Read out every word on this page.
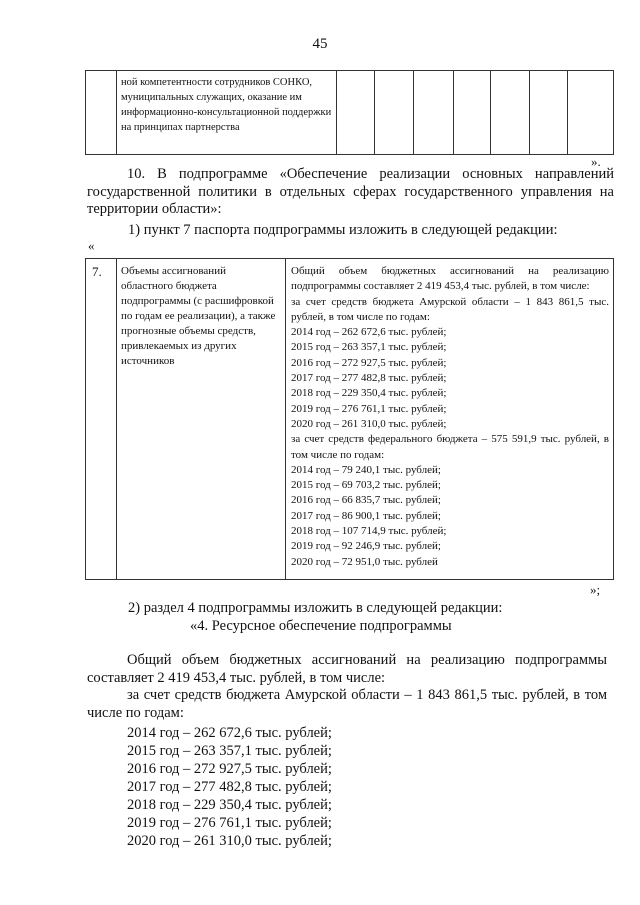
45
ной компетентности сотрудников СОНКО, муниципальных служащих, оказание им информационно-консультационной поддержки на принципах партнерства
».
10. В подпрограмме «Обеспечение реализации основных направлений государственной политики в отдельных сферах государственного управления на территории области»:
1) пункт 7 паспорта подпрограммы изложить в следующей редакции:
«
7. Объемы ассигнований областного бюджета подпрограммы (с расшифровкой по годам ее реализации), а также прогнозные объемы средств, привлекаемых из других источников
Общий объем бюджетных ассигнований на реализацию подпрограммы составляет 2 419 453,4 тыс. рублей, в том числе:
за счет средств бюджета Амурской области – 1 843 861,5 тыс. рублей, в том числе по годам:
2014 год – 262 672,6 тыс. рублей;
2015 год – 263 357,1 тыс. рублей;
2016 год – 272 927,5 тыс. рублей;
2017 год – 277 482,8 тыс. рублей;
2018 год – 229 350,4 тыс. рублей;
2019 год – 276 761,1 тыс. рублей;
2020 год – 261 310,0 тыс. рублей;
за счет средств федерального бюджета – 575 591,9 тыс. рублей, в том числе по годам:
2014 год – 79 240,1 тыс. рублей;
2015 год – 69 703,2 тыс. рублей;
2016 год – 66 835,7 тыс. рублей;
2017 год – 86 900,1 тыс. рублей;
2018 год – 107 714,9 тыс. рублей;
2019 год – 92 246,9 тыс. рублей;
2020 год – 72 951,0 тыс. рублей
»;
2) раздел 4 подпрограммы изложить в следующей редакции:
«4. Ресурсное обеспечение подпрограммы
Общий объем бюджетных ассигнований на реализацию подпрограммы составляет 2 419 453,4 тыс. рублей, в том числе:
за счет средств бюджета Амурской области – 1 843 861,5 тыс. рублей, в том числе по годам:
2014 год – 262 672,6 тыс. рублей;
2015 год – 263 357,1 тыс. рублей;
2016 год – 272 927,5 тыс. рублей;
2017 год – 277 482,8 тыс. рублей;
2018 год – 229 350,4 тыс. рублей;
2019 год – 276 761,1 тыс. рублей;
2020 год – 261 310,0 тыс. рублей;
